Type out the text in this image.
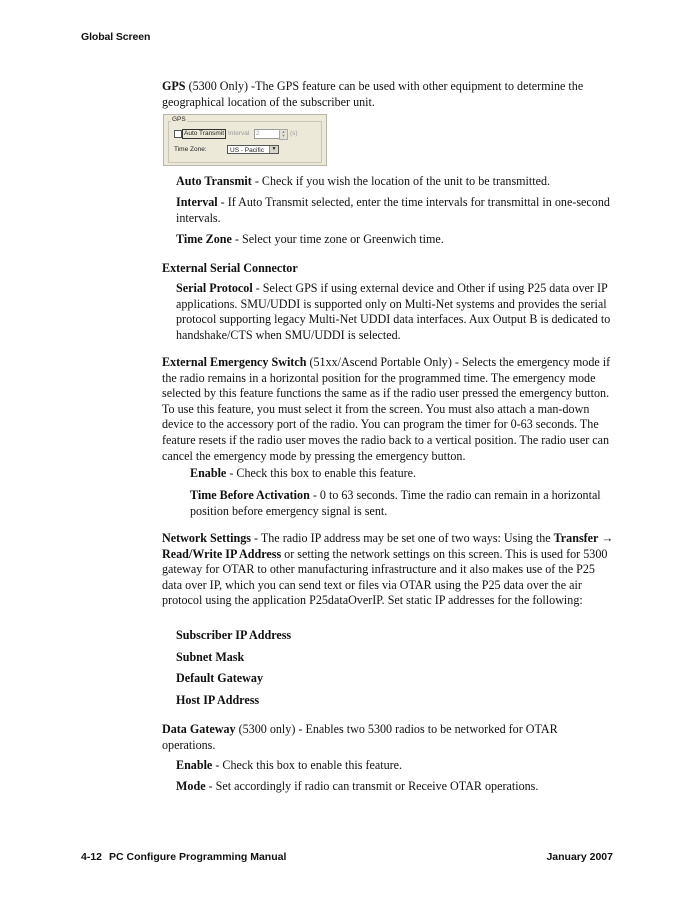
Global Screen

GPS (5300 Only) -The GPS feature can be used with other equipment to determine the geographical location of the subscriber unit.

GPS
Auto Transmit Interval	2	▲
▼ (s)
Time Zone:	US - Pacific	▼

Auto Transmit - Check if you wish the location of the unit to be transmitted.

Interval - If Auto Transmit selected, enter the time intervals for transmittal in one-second intervals.

Time Zone - Select your time zone or Greenwich time.

External Serial Connector

Serial Protocol - Select GPS if using external device and Other if using P25 data over IP applications. SMU/UDDI is supported only on Multi-Net systems and provides the serial protocol supporting legacy Multi-Net UDDI data interfaces. Aux Output B is dedicated to handshake/CTS when SMU/UDDI is selected.

External Emergency Switch (51xx/Ascend Portable Only) - Selects the emergency mode if the radio remains in a horizontal position for the programmed time. The emergency mode selected by this feature functions the same as if the radio user pressed the emergency button. To use this feature, you must select it from the screen. You must also attach a man-down device to the accessory port of the radio. You can program the timer for 0-63 seconds. The feature resets if the radio user moves the radio back to a vertical position. The radio user can cancel the emergency mode by pressing the emergency button.

Enable - Check this box to enable this feature.

Time Before Activation - 0 to 63 seconds. Time the radio can remain in a horizontal position before emergency signal is sent.

Network Settings - The radio IP address may be set one of two ways: Using the Transfer → Read/Write IP Address or setting the network settings on this screen. This is used for 5300 gateway for OTAR to other manufacturing infrastructure and it also makes use of the P25 data over IP, which you can send text or files via OTAR using the P25 data over the air protocol using the application P25dataOverIP. Set static IP addresses for the following:

Subscriber IP Address

Subnet Mask

Default Gateway

Host IP Address

Data Gateway (5300 only) - Enables two 5300 radios to be networked for OTAR operations.

Enable - Check this box to enable this feature.

Mode - Set accordingly if radio can transmit or Receive OTAR operations.

4-12 PC Configure Programming Manual	January 2007
